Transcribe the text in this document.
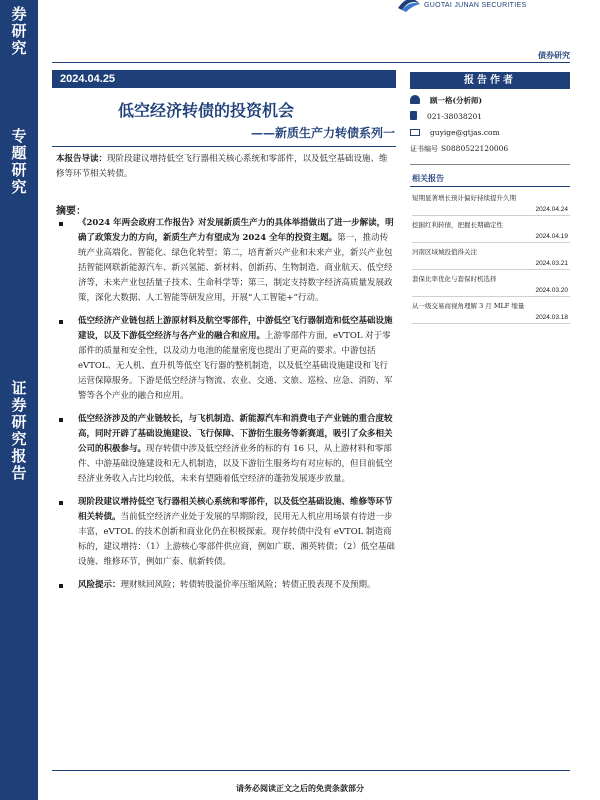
券
研
究
专
题
研
究
证
券
研
究
报
告
GUOTAI JUNAN SECURITIES
债券研究
2024.04.25
低空经济转债的投资机会
——新质生产力转债系列一

本报告导读：现阶段建议增持低空飞行器相关核心系统和零部件，以及低空基础设施、维修等环节相关转债。

摘要：
《2024 年两会政府工作报告》对发展新质生产力的具体举措做出了进一步解读，明确了政策发力的方向，新质生产力有望成为 2024 全年的投资主题。第一，推动传统产业高端化、智能化、绿色化转型；第二，培育新兴产业和未来产业，新兴产业包括智能网联新能源汽车、新兴氢能、新材料、创新药、生物制造、商业航天、低空经济等，未来产业包括量子技术、生命科学等；第三，制定支持数字经济高质量发展政策，深化大数据、人工智能等研发应用，开展“人工智能+”行动。
低空经济产业链包括上游原材料及航空零部件，中游低空飞行器制造和低空基础设施建设，以及下游低空经济与各产业的融合和应用。上游零部件方面，eVTOL 对于零部件的质量和安全性，以及动力电池的能量密度也提出了更高的要求。中游包括 eVTOL、无人机、直升机等低空飞行器的整机制造，以及低空基础设施建设和飞行运营保障服务。下游是低空经济与物流、农业、交通、文旅、巡检、应急、消防、军警等各个产业的融合和应用。
低空经济涉及的产业链较长，与飞机制造、新能源汽车和消费电子产业链的重合度较高，同时开辟了基础设施建设、飞行保障、下游衍生服务等新赛道，吸引了众多相关公司的积极参与。现存转债中涉及低空经济业务的标的有 16 只，从上游材料和零部件、中游基础设施建设和无人机制造，以及下游衍生服务均有对应标的，但目前低空经济业务收入占比均较低，未来有望随着低空经济的蓬勃发展逐步放量。
现阶段建议增持低空飞行器相关核心系统和零部件，以及低空基础设施、维修等环节相关转债。当前低空经济产业处于发展的早期阶段，民用无人机应用场景有待进一步丰富，eVTOL 的技术创新和商业化仍在积极探索。现存转债中没有 eVTOL 制造商标的，建议增持：（1）上游核心零部件供应商，例如广联、湘英转债；（2）低空基础设施、维修环节，例如广泰、航新转债。
风险提示：理财赎回风险；转债转股溢价率压缩风险；转债正股表现不及预期。
报告作者
顾一格(分析师)
021-38038201
guyige@gtjas.com
证书编号 S0880522120006
相关报告
短期显著增长预计偏好持续提升久期
2024.04.24
挖掘红利转债，把握长期确定性
2024.04.19
河南区域城投值得关注
2024.03.21
套保比率优化与套保时机选择
2024.03.20
从一级交易商视角理解 3 月 MLF 缩量
2024.03.18
请务必阅读正文之后的免责条款部分
